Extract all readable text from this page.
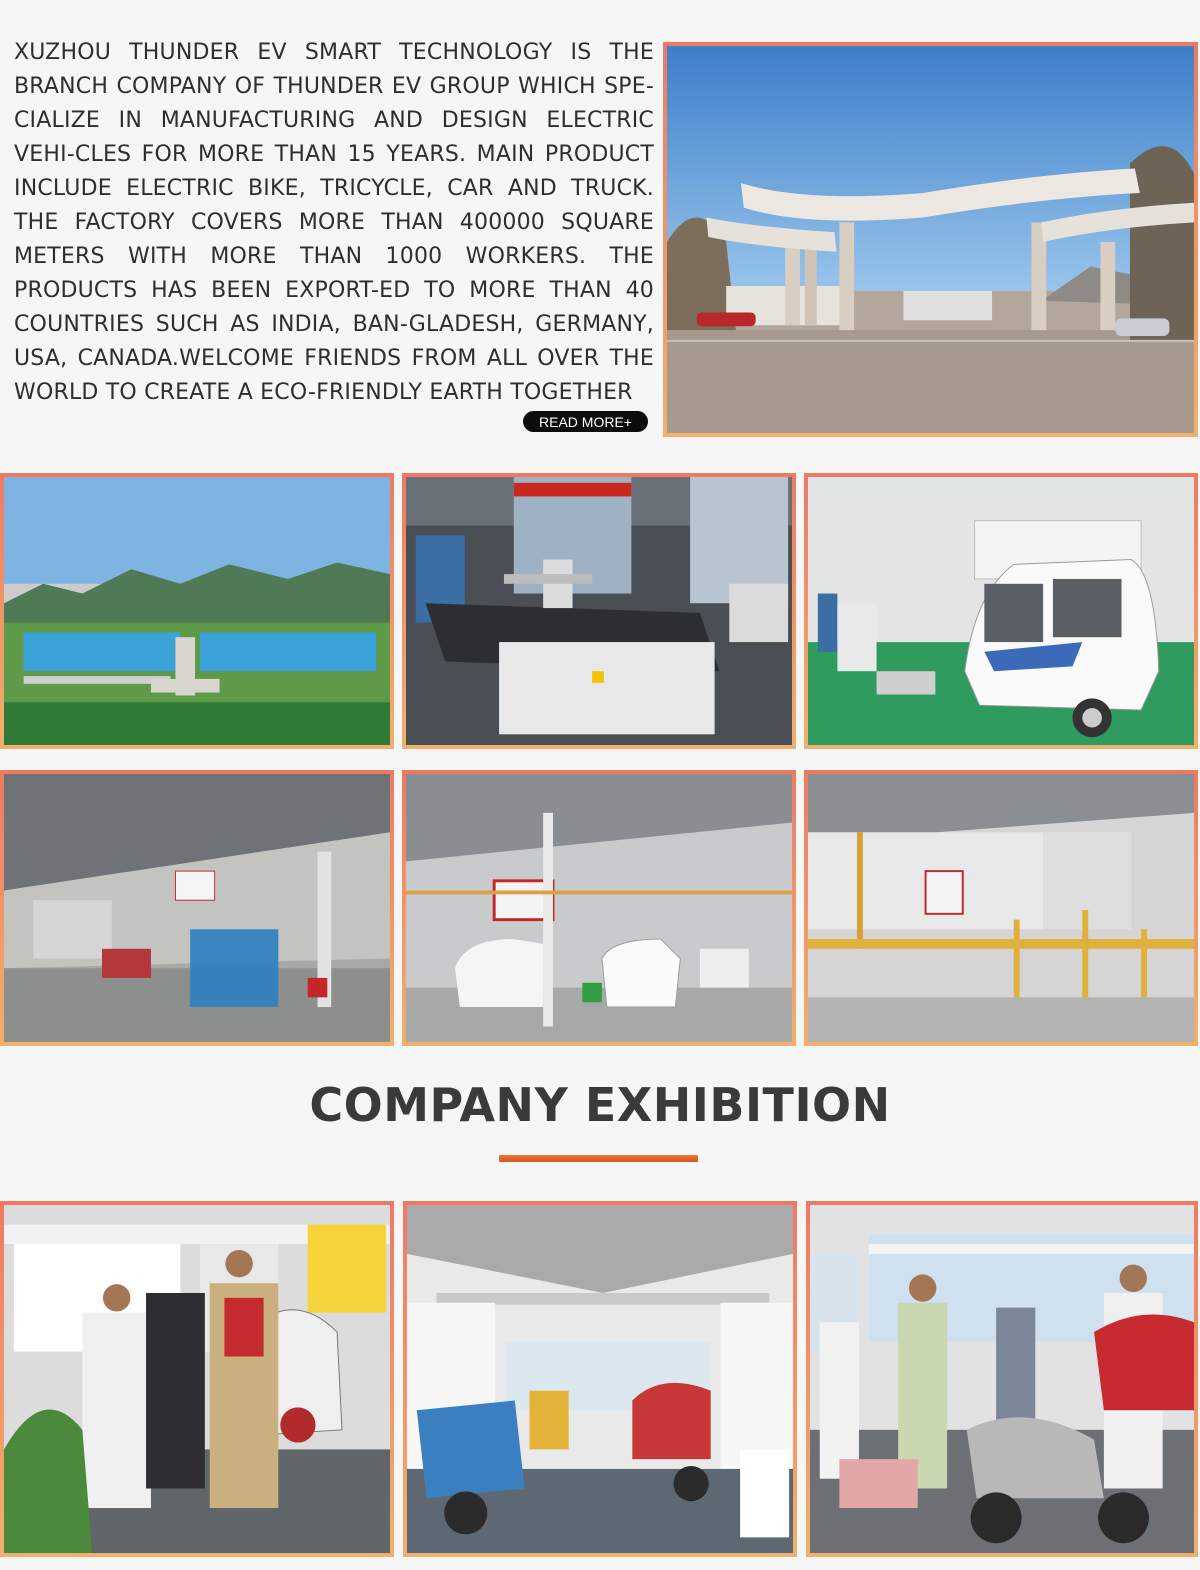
XUZHOU THUNDER EV SMART TECHNOLOGY IS THE BRANCH COMPANY OF THUNDER EV GROUP WHICH SPE-CIALIZE IN MANUFACTURING AND DESIGN ELECTRIC VEHI-CLES FOR MORE THAN 15 YEARS. MAIN PRODUCT INCLUDE ELECTRIC BIKE, TRICYCLE, CAR AND TRUCK. THE FACTORY COVERS MORE THAN 400000 SQUARE METERS WITH MORE THAN 1000 WORKERS. THE PRODUCTS HAS BEEN EXPORT-ED TO MORE THAN 40 COUNTRIES SUCH AS INDIA, BAN-GLADESH, GERMANY, USA, CANADA.WELCOME FRIENDS FROM ALL OVER THE WORLD TO CREATE A ECO-FRIENDLY EARTH TOGETHER

READ MORE+
COMPANY EXHIBITION
